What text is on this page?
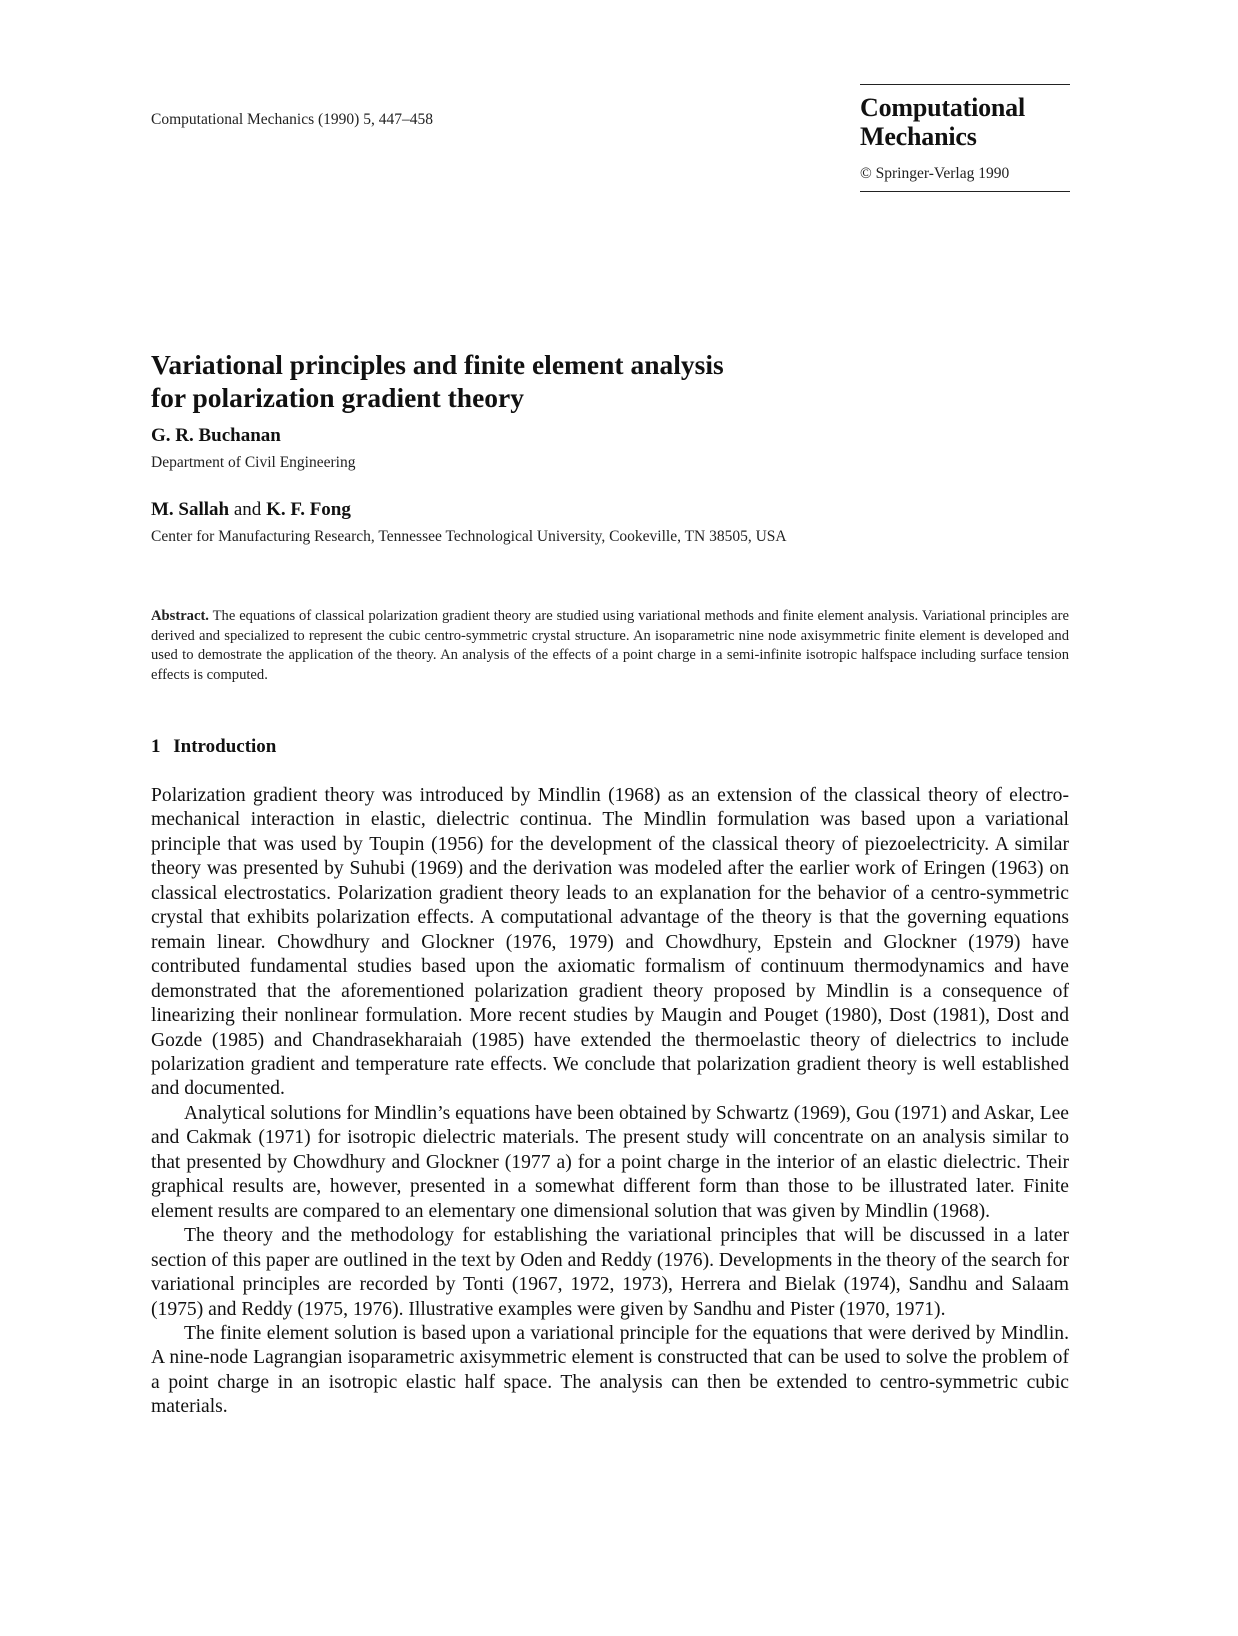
Computational Mechanics (1990) 5, 447–458	Computational
Mechanics
© Springer-Verlag 1990
Variational principles and finite element analysis
for polarization gradient theory
G. R. Buchanan
Department of Civil Engineering
M. Sallah and K. F. Fong
Center for Manufacturing Research, Tennessee Technological University, Cookeville, TN 38505, USA
Abstract. The equations of classical polarization gradient theory are studied using variational methods and finite element analysis. Variational principles are derived and specialized to represent the cubic centro-symmetric crystal structure. An isoparametric nine node axisymmetric finite element is developed and used to demostrate the application of the theory. An analysis of the effects of a point charge in a semi-infinite isotropic halfspace including surface tension effects is computed.
1 Introduction

Polarization gradient theory was introduced by Mindlin (1968) as an extension of the classical theory of electro-mechanical interaction in elastic, dielectric continua. The Mindlin formulation was based upon a variational principle that was used by Toupin (1956) for the development of the classical theory of piezoelectricity. A similar theory was presented by Suhubi (1969) and the derivation was modeled after the earlier work of Eringen (1963) on classical electrostatics. Polarization gradient theory leads to an explanation for the behavior of a centro-symmetric crystal that exhibits polarization effects. A computational advantage of the theory is that the governing equations remain linear. Chowdhury and Glockner (1976, 1979) and Chowdhury, Epstein and Glockner (1979) have contributed fundamental studies based upon the axiomatic formalism of continuum thermodynamics and have demonstrated that the aforementioned polarization gradient theory proposed by Mindlin is a consequence of linearizing their nonlinear formulation. More recent studies by Maugin and Pouget (1980), Dost (1981), Dost and Gozde (1985) and Chandrasekharaiah (1985) have extended the thermoelastic theory of dielectrics to include polarization gradient and temperature rate effects. We conclude that polarization gradient theory is well established and documented.

Analytical solutions for Mindlin’s equations have been obtained by Schwartz (1969), Gou (1971) and Askar, Lee and Cakmak (1971) for isotropic dielectric materials. The present study will concentrate on an analysis similar to that presented by Chowdhury and Glockner (1977 a) for a point charge in the interior of an elastic dielectric. Their graphical results are, however, presented in a somewhat different form than those to be illustrated later. Finite element results are compared to an elementary one dimensional solution that was given by Mindlin (1968).

The theory and the methodology for establishing the variational principles that will be discussed in a later section of this paper are outlined in the text by Oden and Reddy (1976). Developments in the theory of the search for variational principles are recorded by Tonti (1967, 1972, 1973), Herrera and Bielak (1974), Sandhu and Salaam (1975) and Reddy (1975, 1976). Illustrative examples were given by Sandhu and Pister (1970, 1971).

The finite element solution is based upon a variational principle for the equations that were derived by Mindlin. A nine-node Lagrangian isoparametric axisymmetric element is constructed that can be used to solve the problem of a point charge in an isotropic elastic half space. The analysis can then be extended to centro-symmetric cubic materials.
